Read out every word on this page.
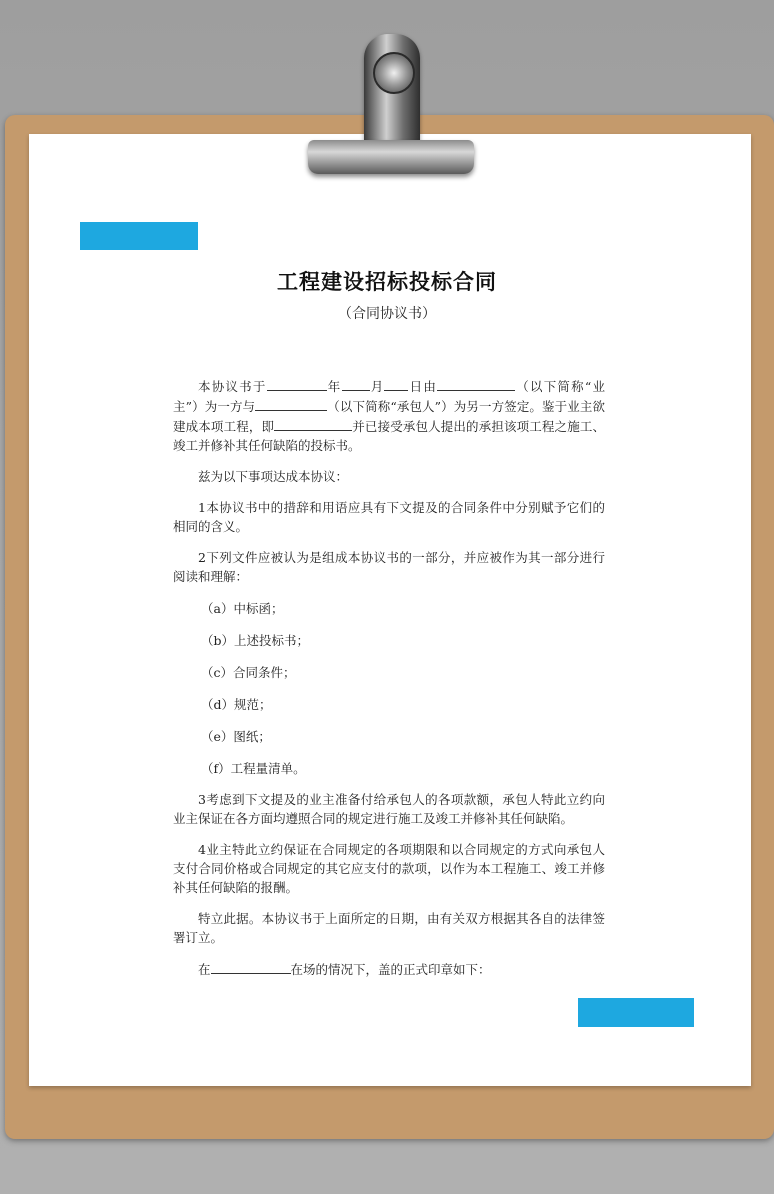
工程建设招标投标合同
（合同协议书）

本协议书于	年 月 日由	（以下简称“业主”）为一方与	（以下简称“承包人”）为另一方签定。鉴于业主欲建成本项工程，即	并已接受承包人提出的承担该项工程之施工、竣工并修补其任何缺陷的投标书。

兹为以下事项达成本协议：

1本协议书中的措辞和用语应具有下文提及的合同条件中分别赋予它们的相同的含义。

2下列文件应被认为是组成本协议书的一部分，并应被作为其一部分进行阅读和理解：

（a）中标函；

（b）上述投标书；

（c）合同条件；

（d）规范；

（e）图纸；

（f）工程量清单。

3考虑到下文提及的业主准备付给承包人的各项款额，承包人特此立约向业主保证在各方面均遵照合同的规定进行施工及竣工并修补其任何缺陷。

4业主特此立约保证在合同规定的各项期限和以合同规定的方式向承包人支付合同价格或合同规定的其它应支付的款项，以作为本工程施工、竣工并修补其任何缺陷的报酬。

特立此据。本协议书于上面所定的日期，由有关双方根据其各自的法律签署订立。

在	在场的情况下，盖的正式印章如下：
